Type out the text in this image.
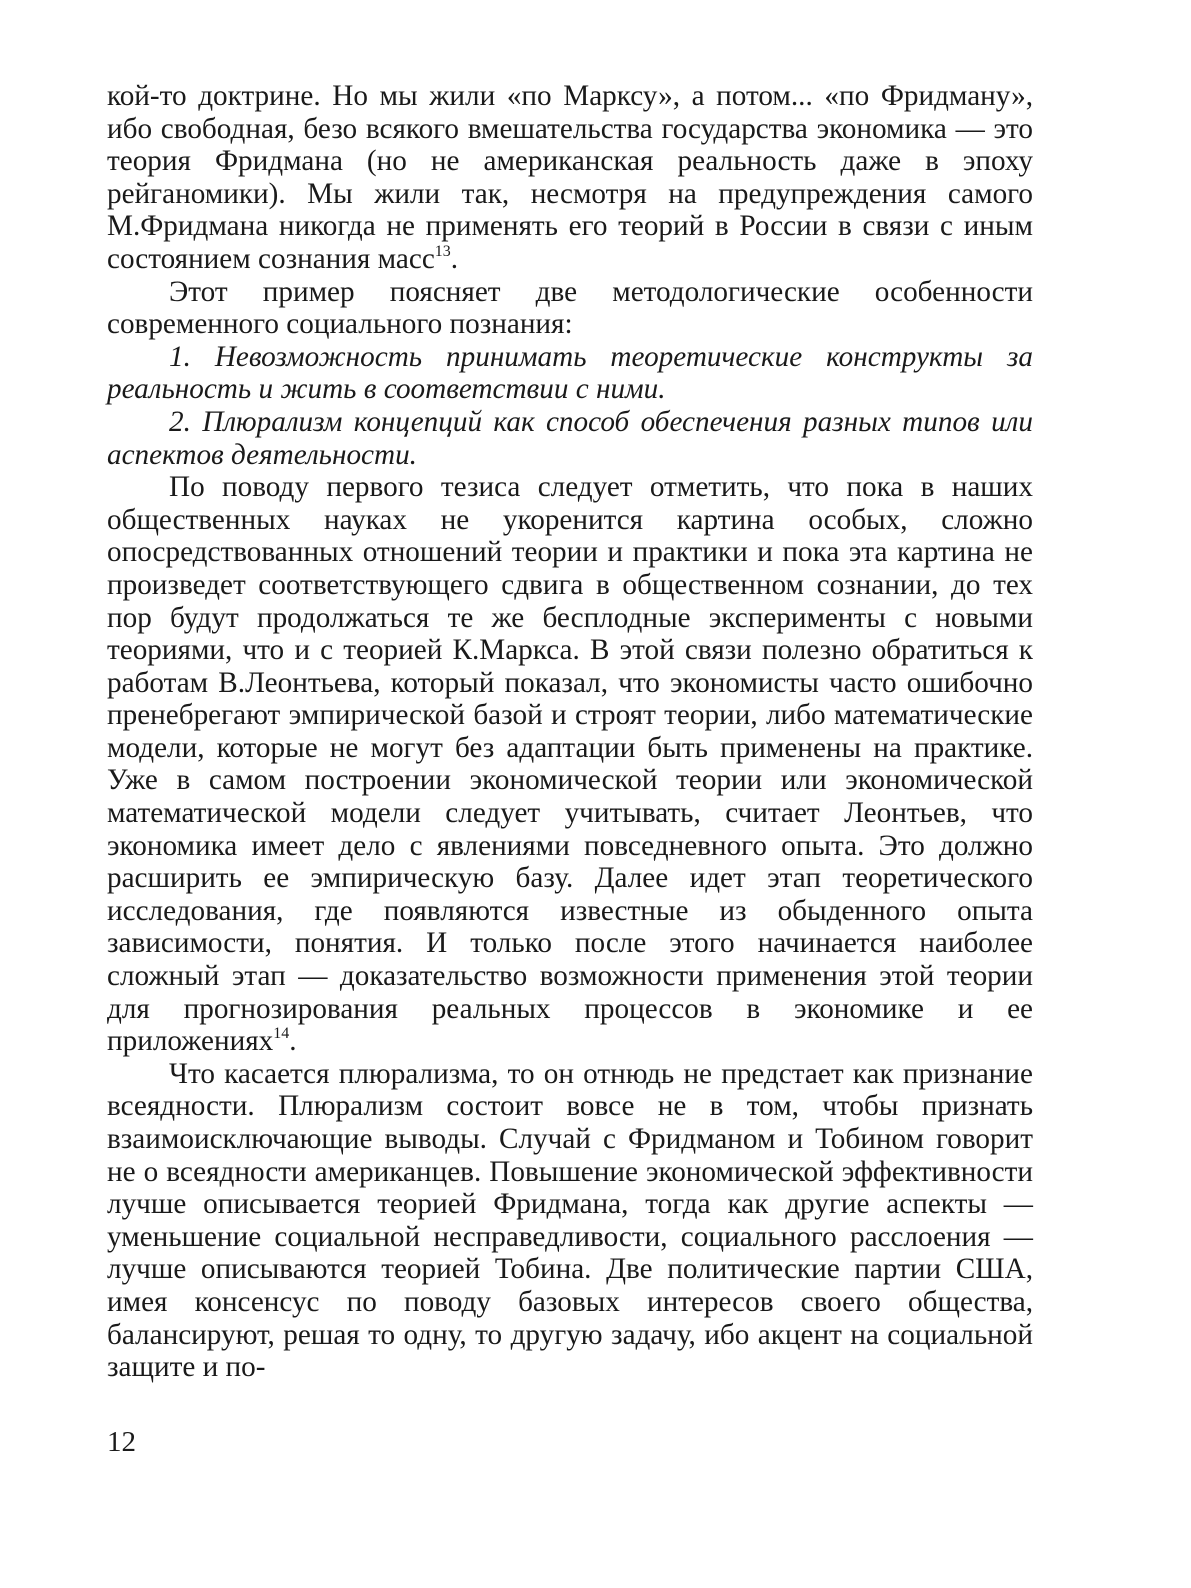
кой-то доктрине. Но мы жили «по Марксу», а потом... «по Фридману», ибо свободная, безо всякого вмешательства государства экономика — это теория Фридмана (но не американская реальность даже в эпоху рейганомики). Мы жили так, несмотря на предупреждения самого М.Фридмана никогда не применять его теорий в России в связи с иным состоянием сознания масс$^{13}$.

Этот пример поясняет две методологические особенности современного социального познания:

1. Невозможность принимать теоретические конструкты за реальность и жить в соответствии с ними.

2. Плюрализм концепций как способ обеспечения разных типов или аспектов деятельности.

По поводу первого тезиса следует отметить, что пока в наших общественных науках не укоренится картина особых, сложно опосредствованных отношений теории и практики и пока эта картина не произведет соответствующего сдвига в общественном сознании, до тех пор будут продолжаться те же бесплодные эксперименты с новыми теориями, что и с теорией К.Маркса. В этой связи полезно обратиться к работам В.Леонтьева, который показал, что экономисты часто ошибочно пренебрегают эмпирической базой и строят теории, либо математические модели, которые не могут без адаптации быть применены на практике. Уже в самом построении экономической теории или экономической математической модели следует учитывать, считает Леонтьев, что экономика имеет дело с явлениями повседневного опыта. Это должно расширить ее эмпирическую базу. Далее идет этап теоретического исследования, где появляются известные из обыденного опыта зависимости, понятия. И только после этого начинается наиболее сложный этап — доказательство возможности применения этой теории для прогнозирования реальных процессов в экономике и ее приложениях$^{14}$.

Что касается плюрализма, то он отнюдь не предстает как признание всеядности. Плюрализм состоит вовсе не в том, чтобы признать взаимоисключающие выводы. Случай с Фридманом и Тобином говорит не о всеядности американцев. Повышение экономической эффективности лучше описывается теорией Фридмана, тогда как другие аспекты — уменьшение социальной несправедливости, социального расслоения — лучше описываются теорией Тобина. Две политические партии США, имея консенсус по поводу базовых интересов своего общества, балансируют, решая то одну, то другую задачу, ибо акцент на социальной защите и по-

12
